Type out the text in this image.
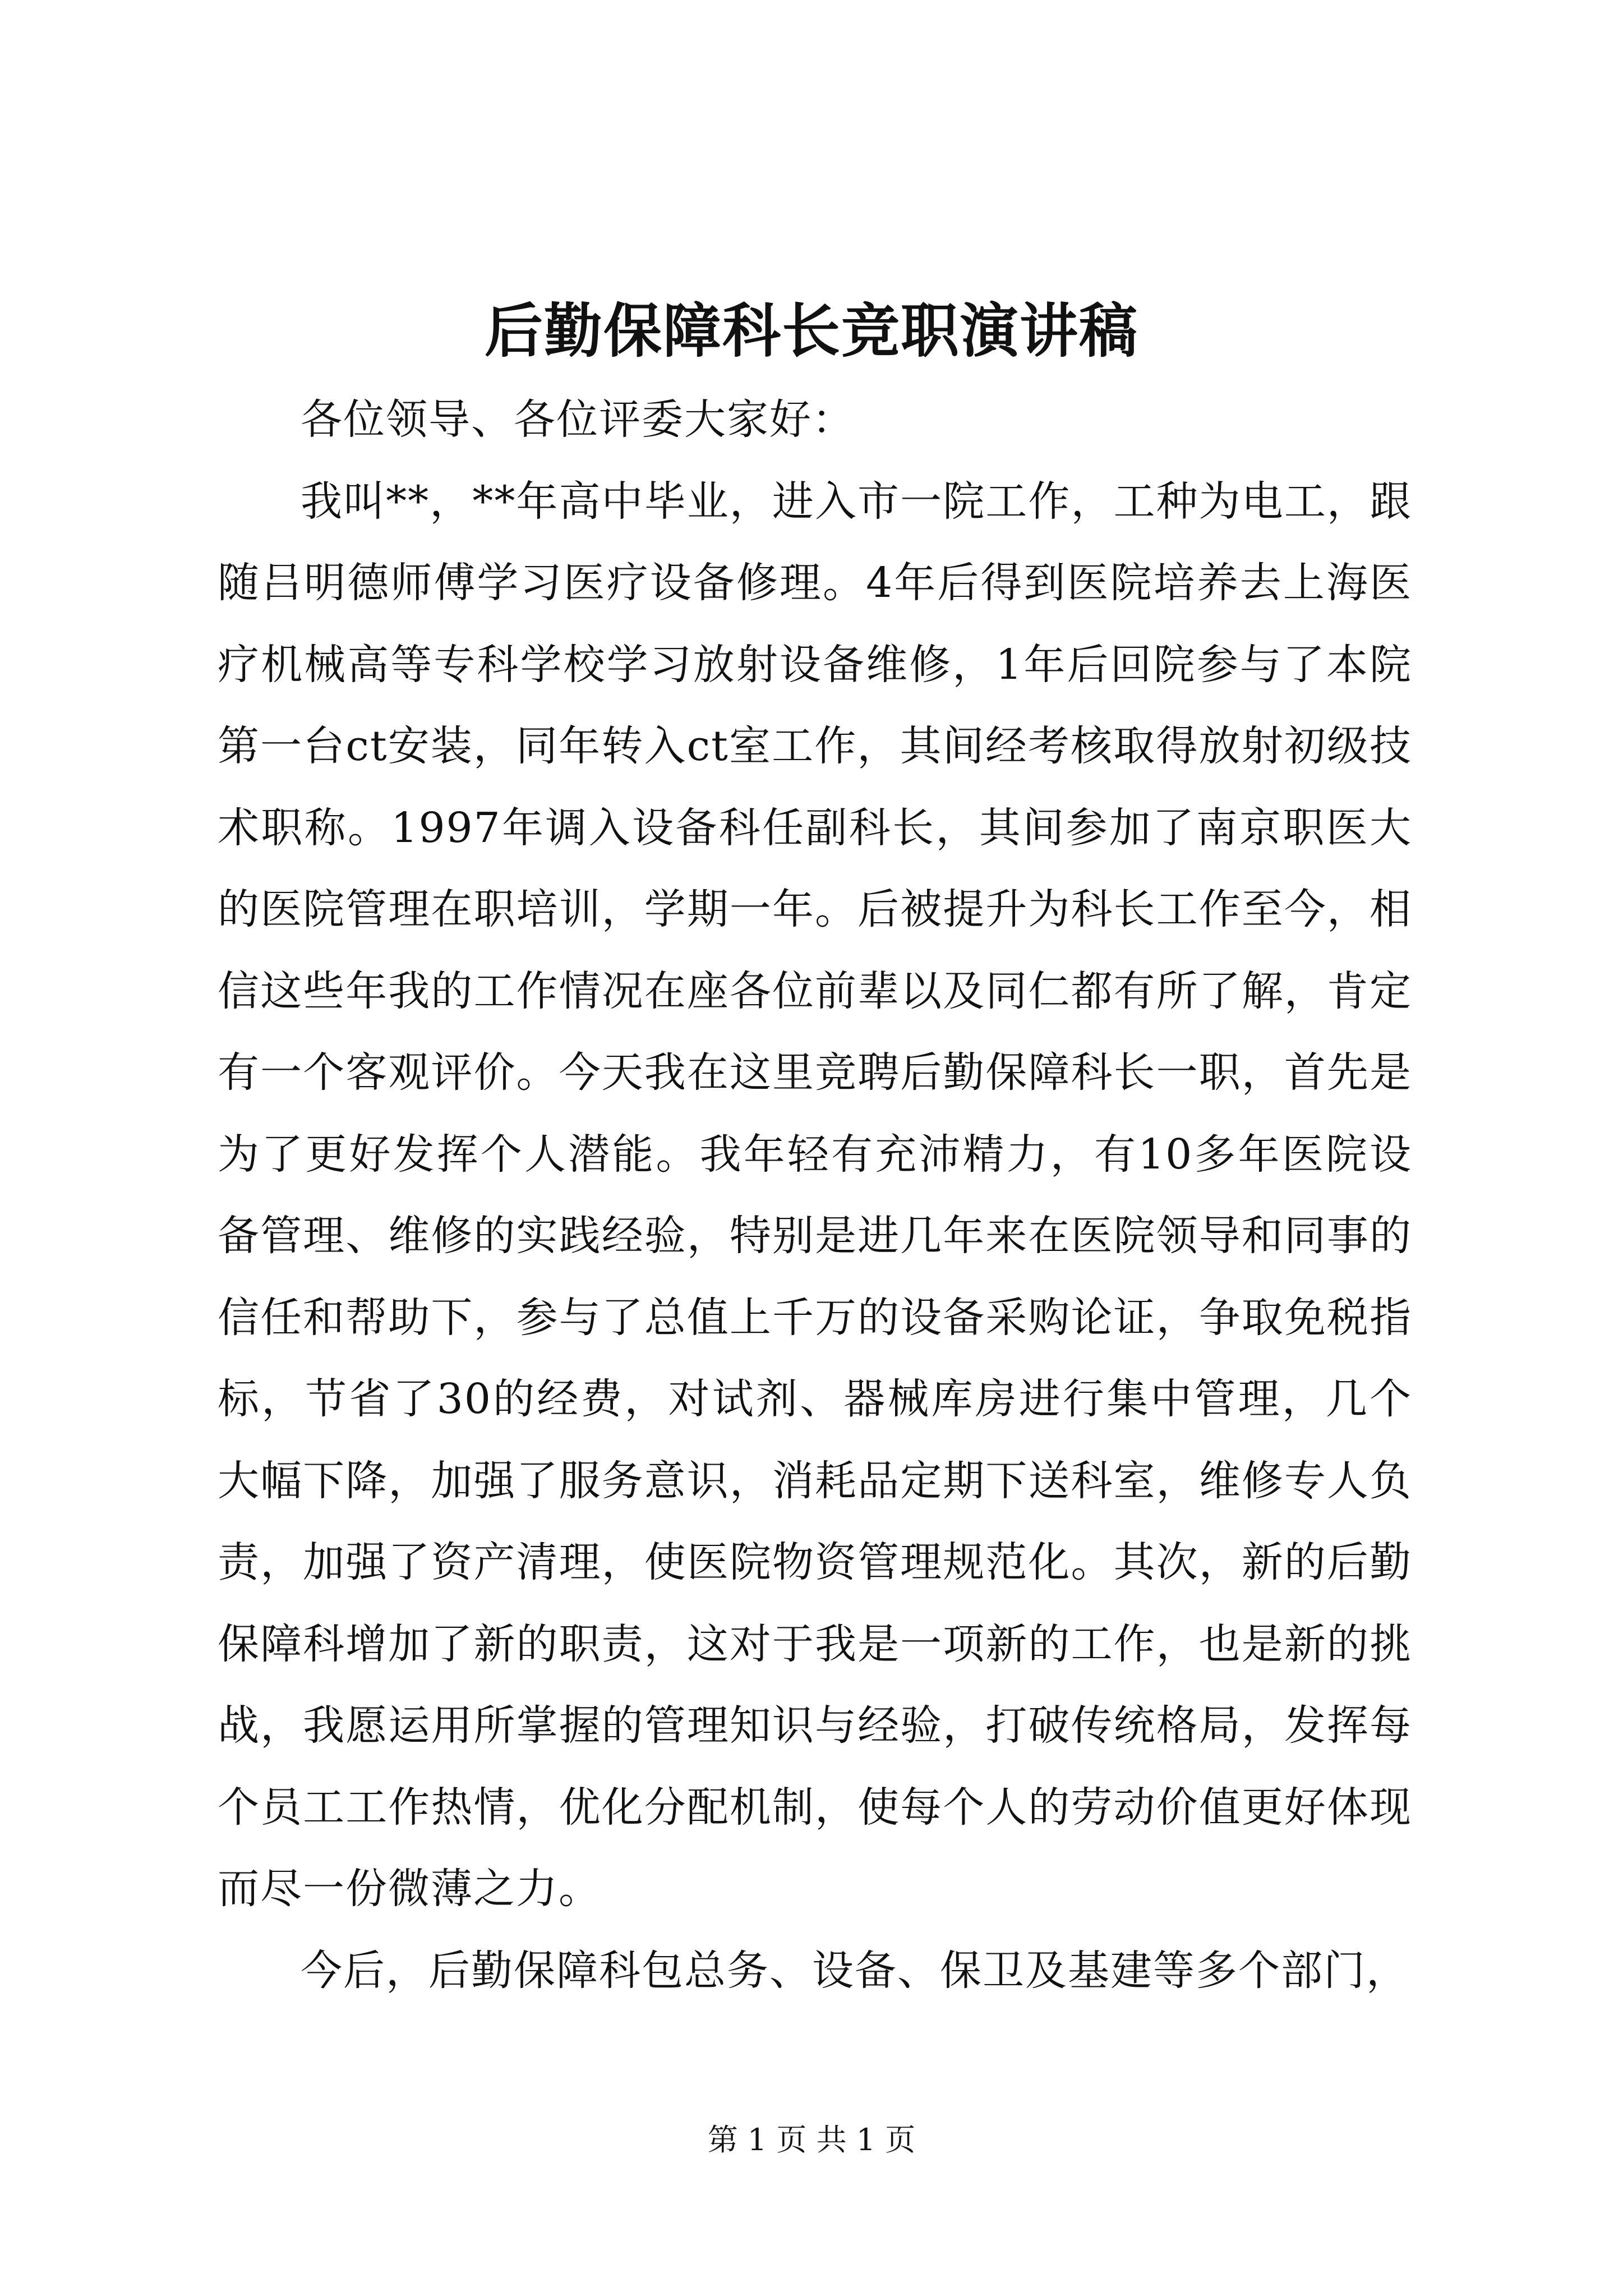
后勤保障科长竞职演讲稿

各位领导、各位评委大家好：

我叫**，**年高中毕业，进入市一院工作，工种为电工，跟随吕明德师傅学习医疗设备修理。4年后得到医院培养去上海医疗机械高等专科学校学习放射设备维修，1年后回院参与了本院第一台ct安装，同年转入ct室工作，其间经考核取得放射初级技术职称。1997年调入设备科任副科长，其间参加了南京职医大的医院管理在职培训，学期一年。后被提升为科长工作至今，相信这些年我的工作情况在座各位前辈以及同仁都有所了解，肯定有一个客观评价。今天我在这里竞聘后勤保障科长一职，首先是为了更好发挥个人潜能。我年轻有充沛精力，有10多年医院设备管理、维修的实践经验，特别是进几年来在医院领导和同事的信任和帮助下，参与了总值上千万的设备采购论证，争取免税指标，节省了30的经费，对试剂、器械库房进行集中管理，几个大幅下降，加强了服务意识，消耗品定期下送科室，维修专人负责，加强了资产清理，使医院物资管理规范化。其次，新的后勤保障科增加了新的职责，这对于我是一项新的工作，也是新的挑战，我愿运用所掌握的管理知识与经验，打破传统格局，发挥每个员工工作热情，优化分配机制，使每个人的劳动价值更好体现而尽一份微薄之力。

今后，后勤保障科包总务、设备、保卫及基建等多个部门，

第 1 页 共 1 页
